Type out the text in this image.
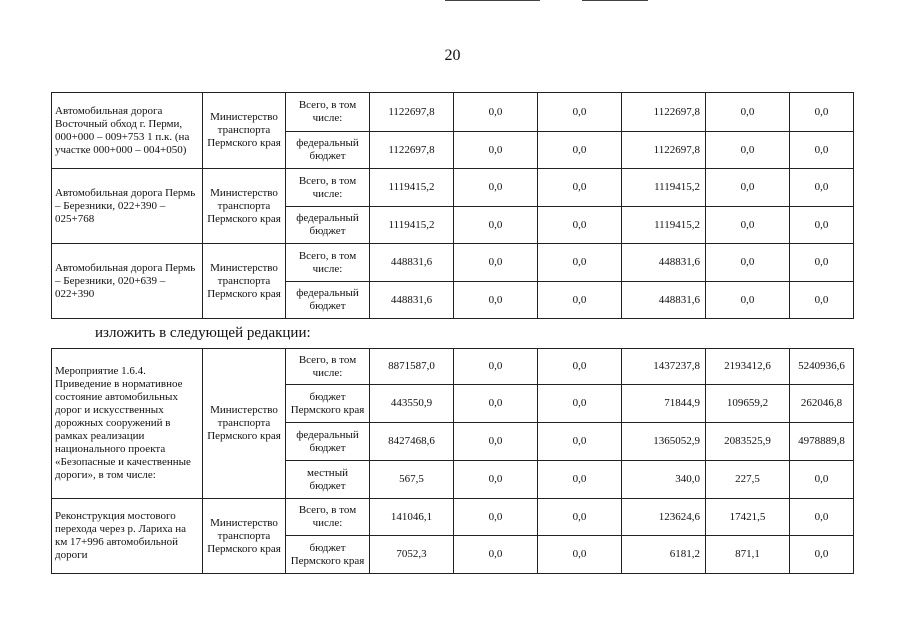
20
Автомобильная дорога Восточный обход г. Перми, 000+000 – 009+753 1 п.к. (на участке 000+000 – 004+050)	Министерство транспорта Пермского края	Всего, в том числе:	1122697,8	0,0	0,0	1122697,8	0,0	0,0
		федеральный бюджет	1122697,8	0,0	0,0	1122697,8	0,0	0,0
Автомобильная дорога Пермь – Березники, 022+390 – 025+768	Министерство транспорта Пермского края	Всего, в том числе:	1119415,2	0,0	0,0	1119415,2	0,0	0,0
		федеральный бюджет	1119415,2	0,0	0,0	1119415,2	0,0	0,0
Автомобильная дорога Пермь – Березники, 020+639 – 022+390	Министерство транспорта Пермского края	Всего, в том числе:	448831,6	0,0	0,0	448831,6	0,0	0,0
		федеральный бюджет	448831,6	0,0	0,0	448831,6	0,0	0,0
изложить в следующей редакции:
Мероприятие 1.6.4. Приведение в нормативное состояние автомобильных дорог и искусственных дорожных сооружений в рамках реализации национального проекта «Безопасные и качественные дороги», в том числе:	Министерство транспорта Пермского края	Всего, в том числе:	8871587,0	0,0	0,0	1437237,8	2193412,6	5240936,6
		бюджет Пермского края	443550,9	0,0	0,0	71844,9	109659,2	262046,8
		федеральный бюджет	8427468,6	0,0	0,0	1365052,9	2083525,9	4978889,8
		местный бюджет	567,5	0,0	0,0	340,0	227,5	0,0
Реконструкция мостового перехода через р. Лариха на км 17+996 автомобильной дороги	Министерство транспорта Пермского края	Всего, в том числе:	141046,1	0,0	0,0	123624,6	17421,5	0,0
		бюджет Пермского края	7052,3	0,0	0,0	6181,2	871,1	0,0
